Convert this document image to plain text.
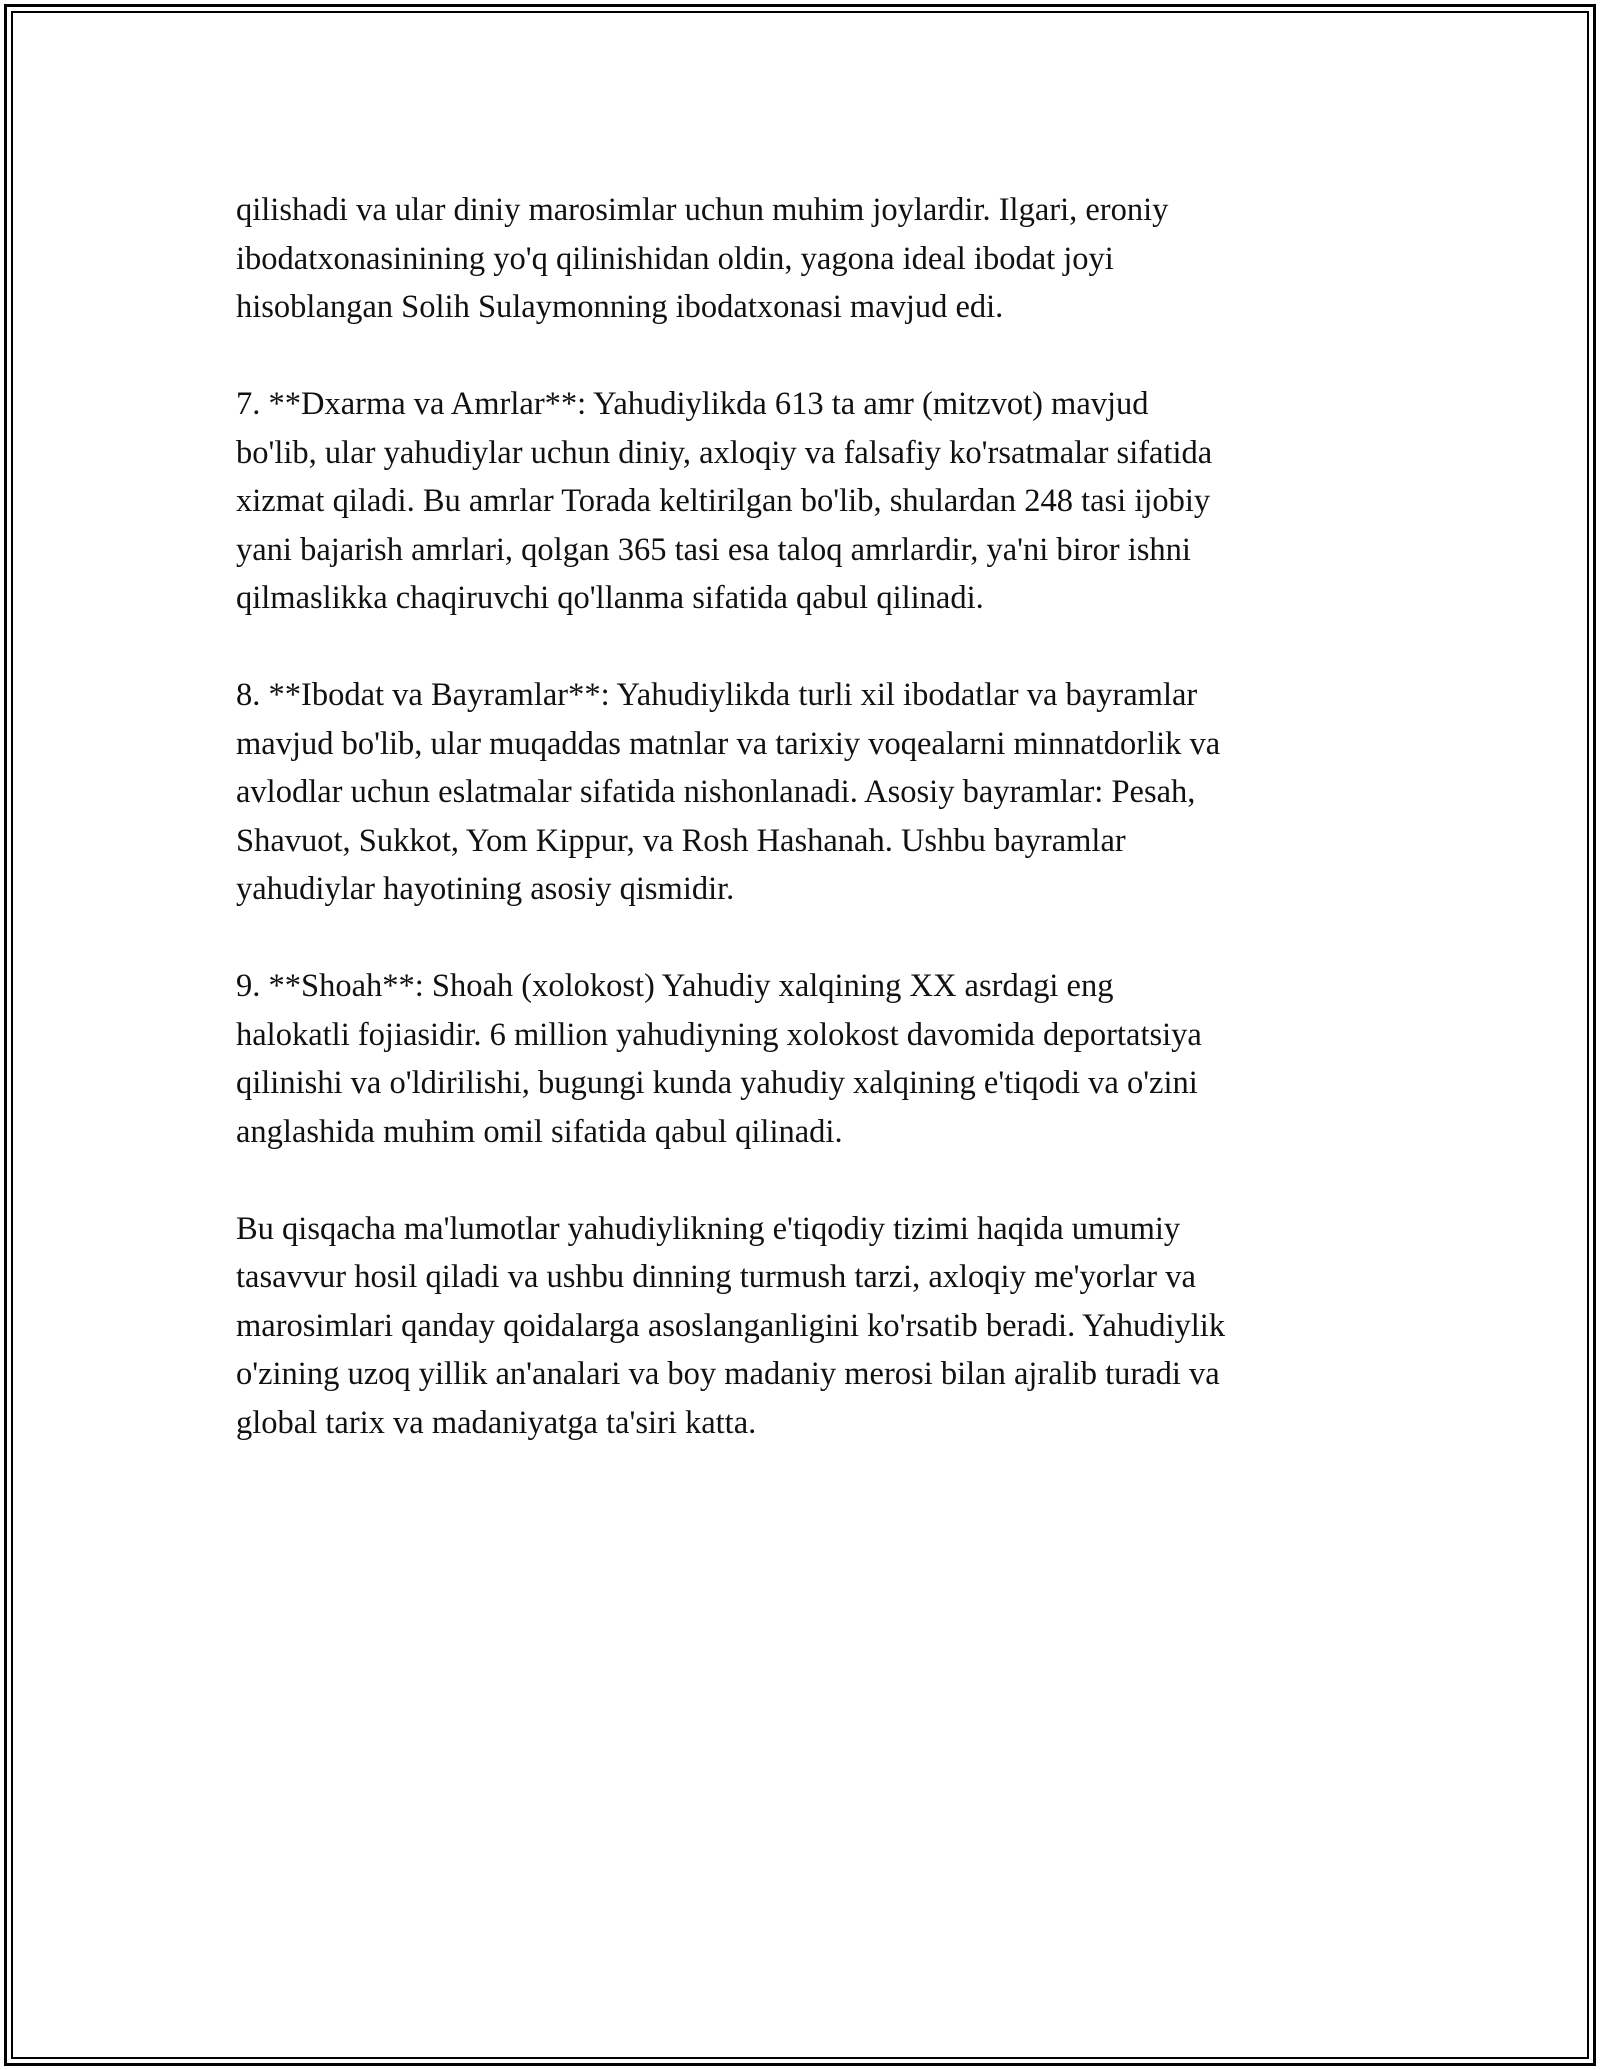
qilishadi va ular diniy marosimlar uchun muhim joylardir. Ilgari, eroniy
ibodatxonasinining yo'q qilinishidan oldin, yagona ideal ibodat joyi
hisoblangan Solih Sulaymonning ibodatxonasi mavjud edi.

7. **Dxarma va Amrlar**: Yahudiylikda 613 ta amr (mitzvot) mavjud
bo'lib, ular yahudiylar uchun diniy, axloqiy va falsafiy ko'rsatmalar sifatida
xizmat qiladi. Bu amrlar Torada keltirilgan bo'lib, shulardan 248 tasi ijobiy
yani bajarish amrlari, qolgan 365 tasi esa taloq amrlardir, ya'ni biror ishni
qilmaslikka chaqiruvchi qo'llanma sifatida qabul qilinadi.

8. **Ibodat va Bayramlar**: Yahudiylikda turli xil ibodatlar va bayramlar
mavjud bo'lib, ular muqaddas matnlar va tarixiy voqealarni minnatdorlik va
avlodlar uchun eslatmalar sifatida nishonlanadi. Asosiy bayramlar: Pesah,
Shavuot, Sukkot, Yom Kippur, va Rosh Hashanah. Ushbu bayramlar
yahudiylar hayotining asosiy qismidir.

9. **Shoah**: Shoah (xolokost) Yahudiy xalqining XX asrdagi eng
halokatli fojiasidir. 6 million yahudiyning xolokost davomida deportatsiya
qilinishi va o'ldirilishi, bugungi kunda yahudiy xalqining e'tiqodi va o'zini
anglashida muhim omil sifatida qabul qilinadi.

Bu qisqacha ma'lumotlar yahudiylikning e'tiqodiy tizimi haqida umumiy
tasavvur hosil qiladi va ushbu dinning turmush tarzi, axloqiy me'yorlar va
marosimlari qanday qoidalarga asoslanganligini ko'rsatib beradi. Yahudiylik
o'zining uzoq yillik an'analari va boy madaniy merosi bilan ajralib turadi va
global tarix va madaniyatga ta'siri katta.
